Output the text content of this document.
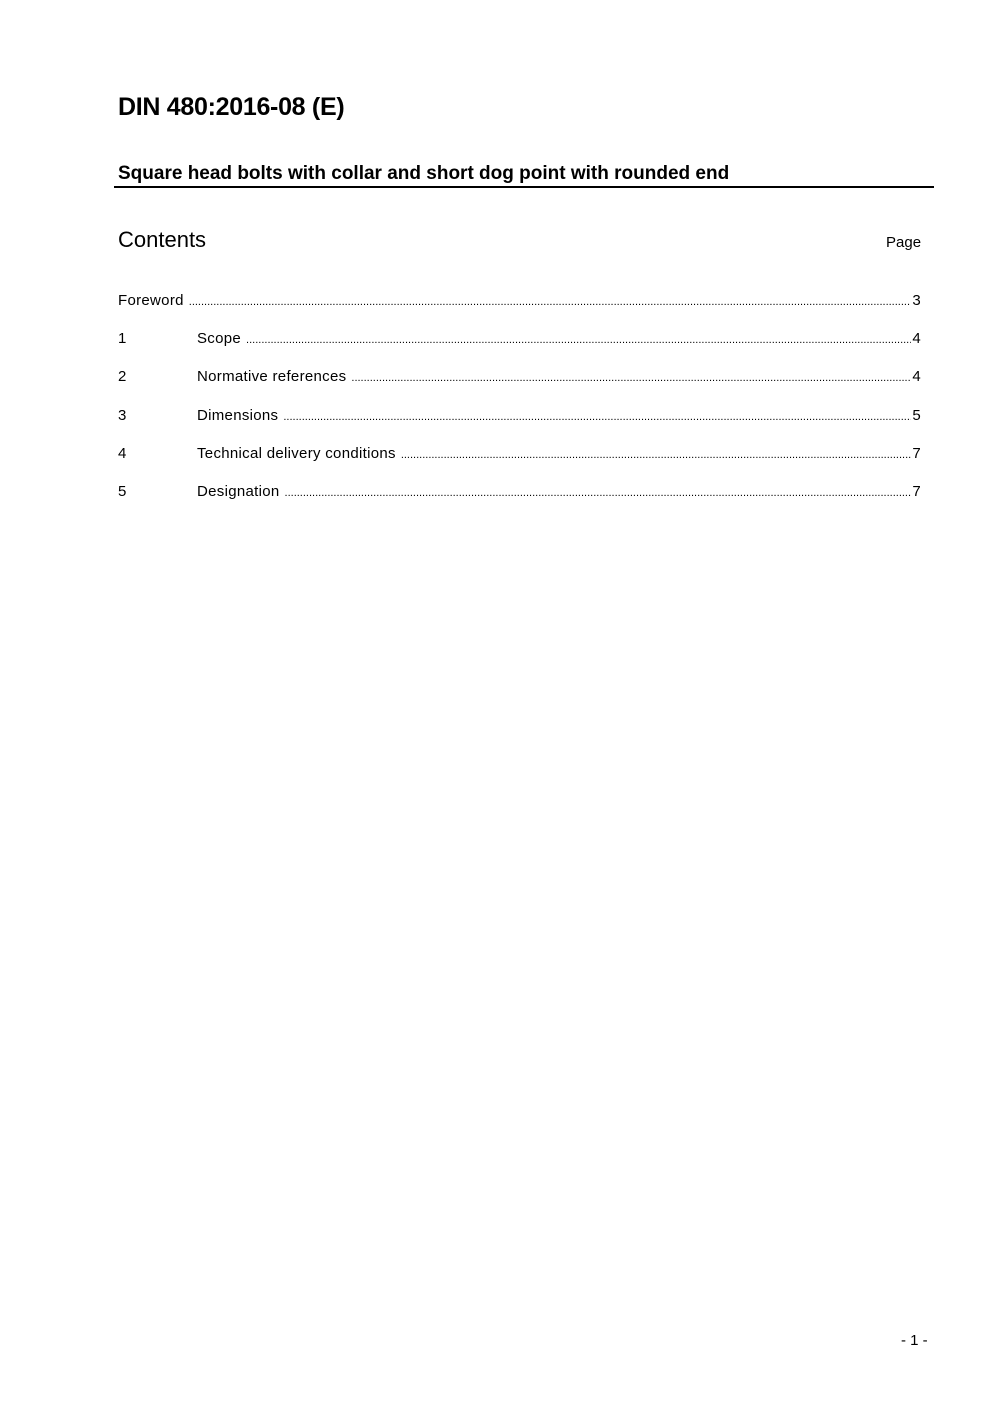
DIN 480:2016-08 (E)
Square head bolts with collar and short dog point with rounded end
Contents	Page
Foreword .....	3
1	Scope .....	4
2	Normative references .....	4
3	Dimensions .....	5
4	Technical delivery conditions .....	7
5	Designation .....	7
- 1 -
